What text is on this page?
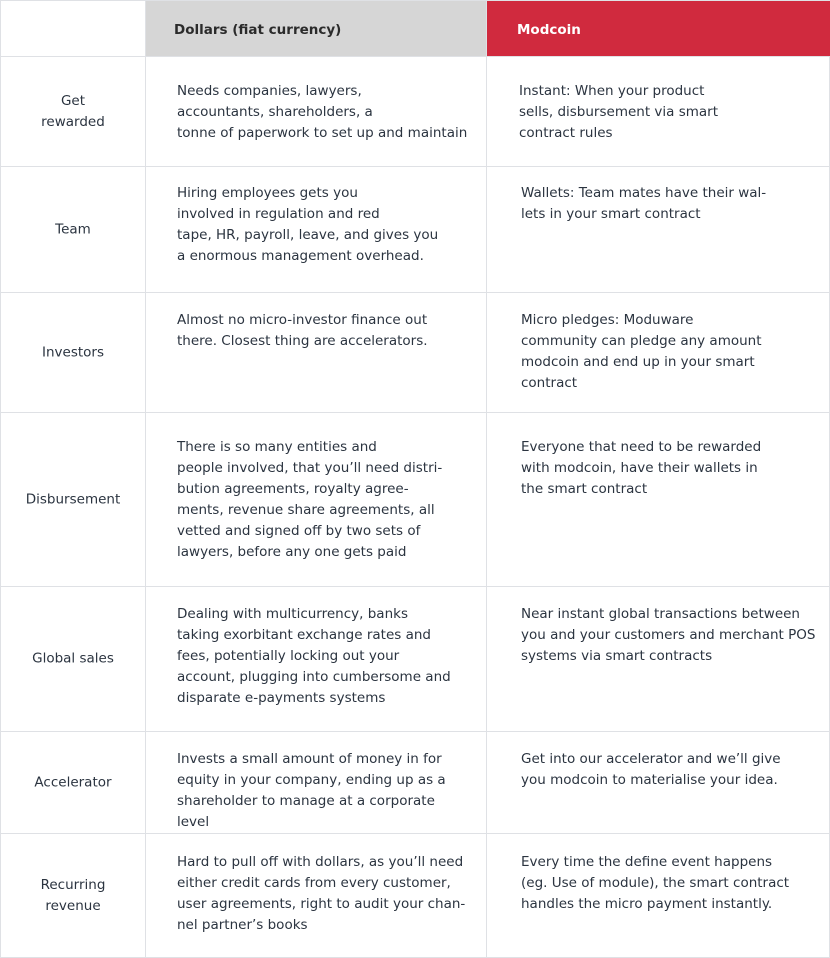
Dollars (fiat currency)	Modcoin
Get
rewarded
Needs companies, lawyers,
accountants, shareholders, a
tonne of paperwork to set up and maintain
Instant: When your product
sells, disbursement via smart
contract rules
Team
Hiring employees gets you
involved in regulation and red
tape, HR, payroll, leave, and gives you
a enormous management overhead.
Wallets: Team mates have their wal-
lets in your smart contract
Investors
Almost no micro-investor finance out
there. Closest thing are accelerators.
Micro pledges: Moduware
community can pledge any amount
modcoin and end up in your smart
contract
Disbursement
There is so many entities and
people involved, that you’ll need distri-
bution agreements, royalty agree-
ments, revenue share agreements, all
vetted and signed off by two sets of
lawyers, before any one gets paid
Everyone that need to be rewarded
with modcoin, have their wallets in
the smart contract
Global sales
Dealing with multicurrency, banks
taking exorbitant exchange rates and
fees, potentially locking out your
account, plugging into cumbersome and
disparate e-payments systems
Near instant global transactions between
you and your customers and merchant POS
systems via smart contracts
Accelerator
Invests a small amount of money in for
equity in your company, ending up as a
shareholder to manage at a corporate
level
Get into our accelerator and we’ll give
you modcoin to materialise your idea.
Recurring
revenue
Hard to pull off with dollars, as you’ll need
either credit cards from every customer,
user agreements, right to audit your chan-
nel partner’s books
Every time the define event happens
(eg. Use of module), the smart contract
handles the micro payment instantly.
